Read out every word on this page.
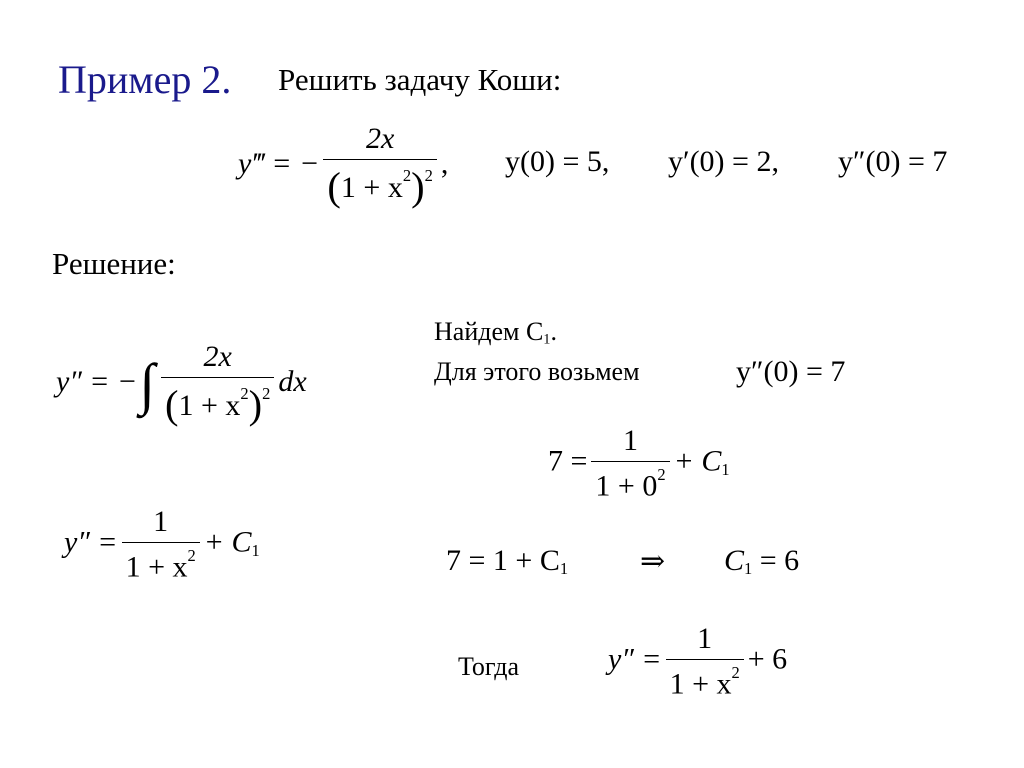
Пример 2. Решить задачу Коши:
y‴ = − $\frac{2x}{(1 + x^2)^2}$ , y(0) = 5, y′(0) = 2, y″(0) = 7
Решение:
y″ = −∫ $\frac{2x}{(1 + x^2)^2}$ dx
$y'' = \frac{1}{1 + x^2} + C_1$
Найдем $C_1$.
Для этого возьмем	y″(0) = 7
$7 = \frac{1}{1 + 0^2} + C_1$
$7 = 1 + C_1$ ⇒ $C_1 = 6$
Тогда	$y'' = \frac{1}{1 + x^2} + 6$
